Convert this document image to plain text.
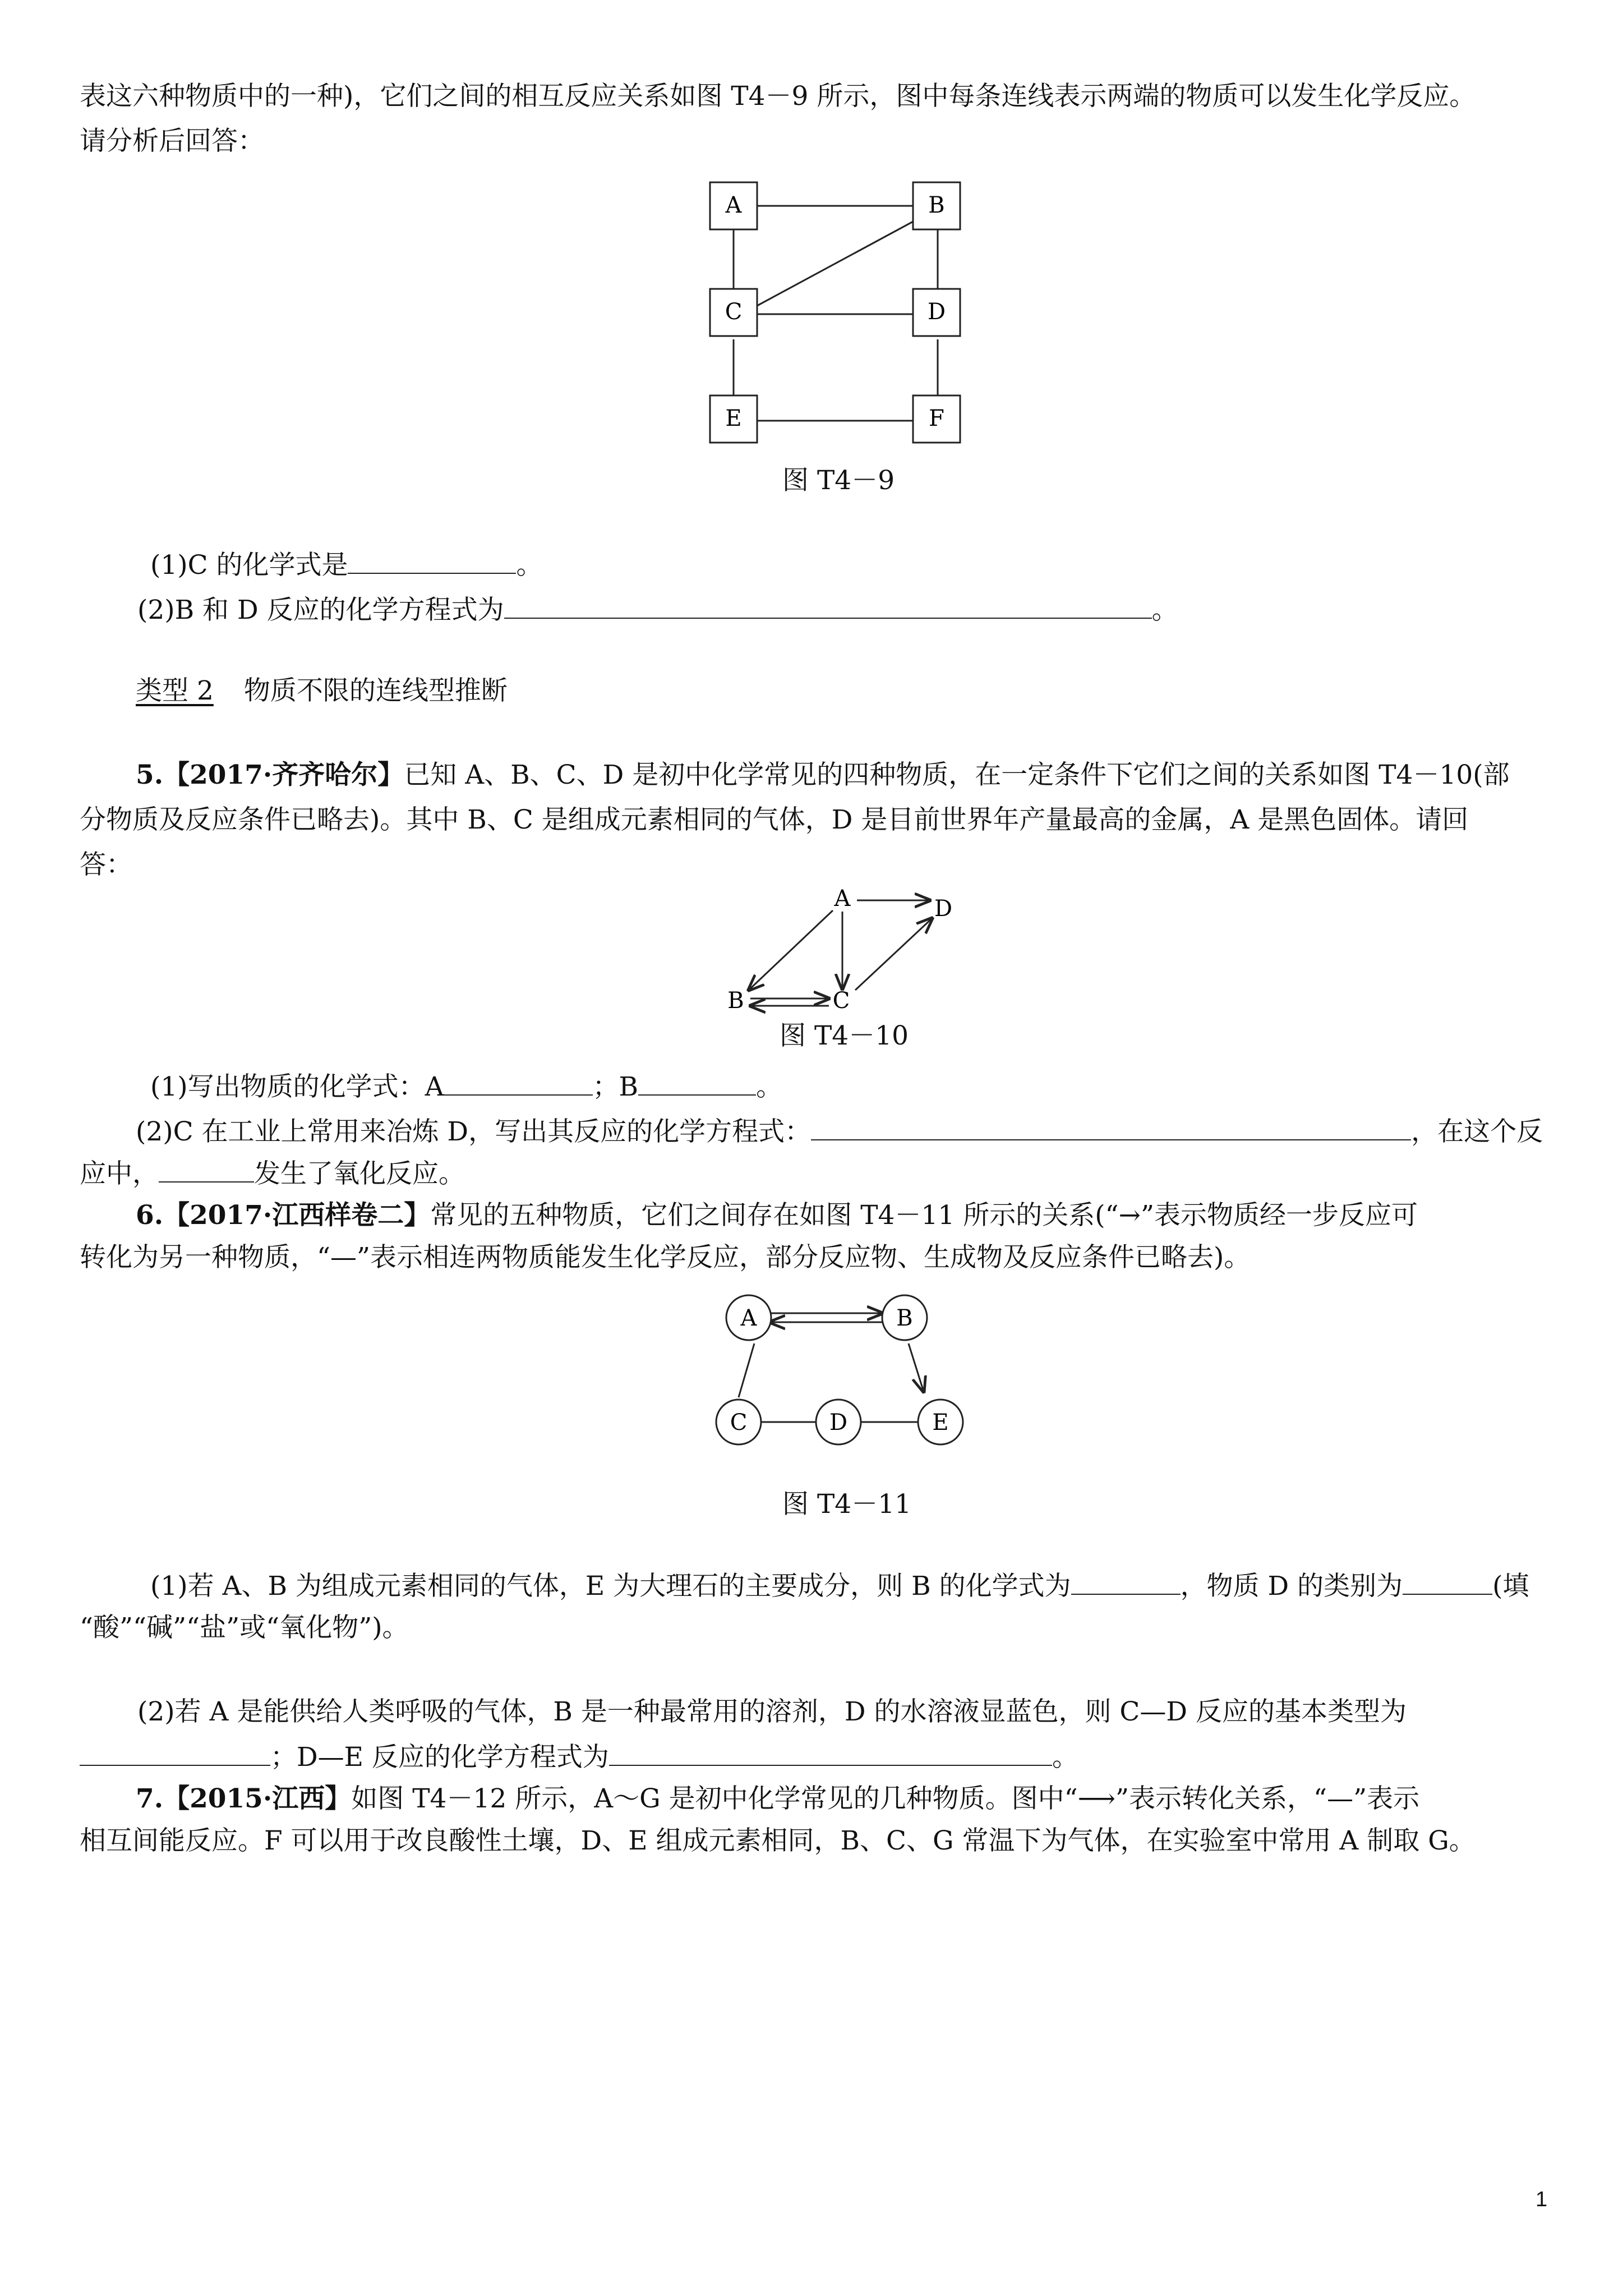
表这六种物质中的一种)，它们之间的相互反应关系如图 T4－9 所示，图中每条连线表示两端的物质可以发生化学反应。
请分析后回答：
A	B
C	D
E	F
图 T4－9
(1)C 的化学式是	。
(2)B 和 D 反应的化学方程式为	。
类型 2 物质不限的连线型推断
5.【2017·齐齐哈尔】已知 A、B、C、D 是初中化学常见的四种物质，在一定条件下它们之间的关系如图 T4－10(部
分物质及反应条件已略去)。其中 B、C 是组成元素相同的气体，D 是目前世界年产量最高的金属，A 是黑色固体。请回
答：
A	D
B	C
图 T4－10
(1)写出物质的化学式：A	；B	。
(2)C 在工业上常用来冶炼 D，写出其反应的化学方程式：	，在这个反
应中，	发生了氧化反应。
6.【2017·江西样卷二】常见的五种物质，它们之间存在如图 T4－11 所示的关系(“→”表示物质经一步反应可
转化为另一种物质，“—”表示相连两物质能发生化学反应，部分反应物、生成物及反应条件已略去)。
A	B
C	D	E
图 T4－11
(1)若 A、B 为组成元素相同的气体，E 为大理石的主要成分，则 B 的化学式为	，物质 D 的类别为	(填
“酸”“碱”“盐”或“氧化物”)。
(2)若 A 是能供给人类呼吸的气体，B 是一种最常用的溶剂，D 的水溶液显蓝色，则 C—D 反应的基本类型为
；D—E 反应的化学方程式为	。
7.【2015·江西】如图 T4－12 所示，A～G 是初中化学常见的几种物质。图中“⟶”表示转化关系，“—”表示
相互间能反应。F 可以用于改良酸性土壤，D、E 组成元素相同，B、C、G 常温下为气体，在实验室中常用 A 制取 G。
1
